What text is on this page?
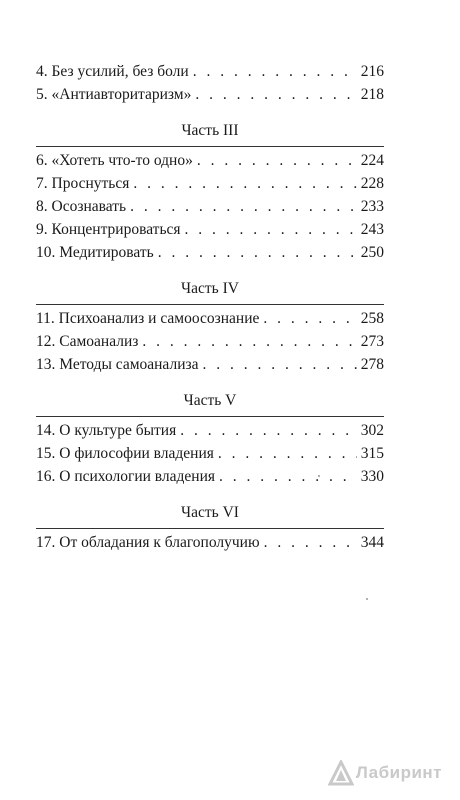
4. Без усилий, без боли . . .	216
5. «Антиавторитаризм» . . .	218
Часть III
6. «Хотеть что-то одно» . . .	224
7. Проснуться . . .	228
8. Осознавать . . .	233
9. Концентрироваться . . .	243
10. Медитировать . . .	250
Часть IV
11. Психоанализ и самоосознание . . .	258
12. Самоанализ . . .	273
13. Методы самоанализа . . .	278
Часть V
14. О культуре бытия . . .	302
15. О философии владения . . .	315
16. О психологии владения . . .	330
Часть VI
17. От обладания к благополучию . . .	344
Лабиринт
